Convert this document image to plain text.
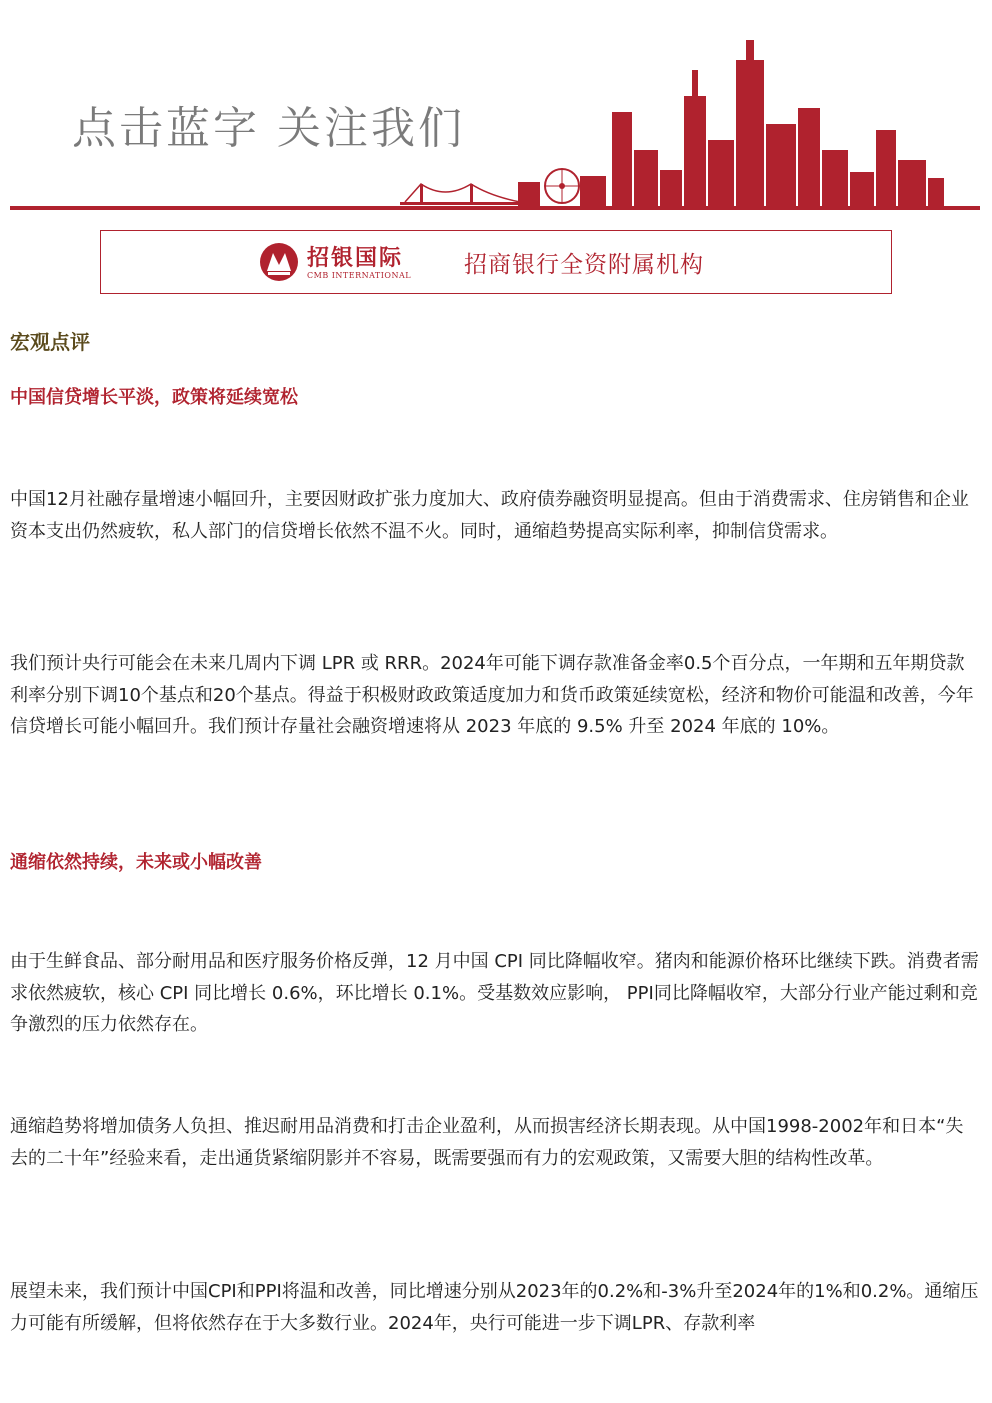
点击蓝字 关注我们
招银国际
CMB INTERNATIONAL 招商银行全资附属机构
宏观点评
中国信贷增长平淡，政策将延续宽松

中国12月社融存量增速小幅回升，主要因财政扩张力度加大、政府债券融资明显提高。但由于消费需求、住房销售和企业资本支出仍然疲软，私人部门的信贷增长依然不温不火。同时，通缩趋势提高实际利率，抑制信贷需求。

我们预计央行可能会在未来几周内下调 LPR 或 RRR。2024年可能下调存款准备金率0.5个百分点，一年期和五年期贷款利率分别下调10个基点和20个基点。得益于积极财政政策适度加力和货币政策延续宽松，经济和物价可能温和改善，今年信贷增长可能小幅回升。我们预计存量社会融资增速将从 2023 年底的 9.5% 升至 2024 年底的 10%。

通缩依然持续，未来或小幅改善

由于生鲜食品、部分耐用品和医疗服务价格反弹，12 月中国 CPI 同比降幅收窄。猪肉和能源价格环比继续下跌。消费者需求依然疲软，核心 CPI 同比增长 0.6%，环比增长 0.1%。受基数效应影响， PPI同比降幅收窄，大部分行业产能过剩和竞争激烈的压力依然存在。

通缩趋势将增加债务人负担、推迟耐用品消费和打击企业盈利，从而损害经济长期表现。从中国1998-2002年和日本“失去的二十年”经验来看，走出通货紧缩阴影并不容易，既需要强而有力的宏观政策，又需要大胆的结构性改革。

展望未来，我们预计中国CPI和PPI将温和改善，同比增速分别从2023年的0.2%和-3%升至2024年的1%和0.2%。通缩压力可能有所缓解，但将依然存在于大多数行业。2024年，央行可能进一步下调LPR、存款利率
